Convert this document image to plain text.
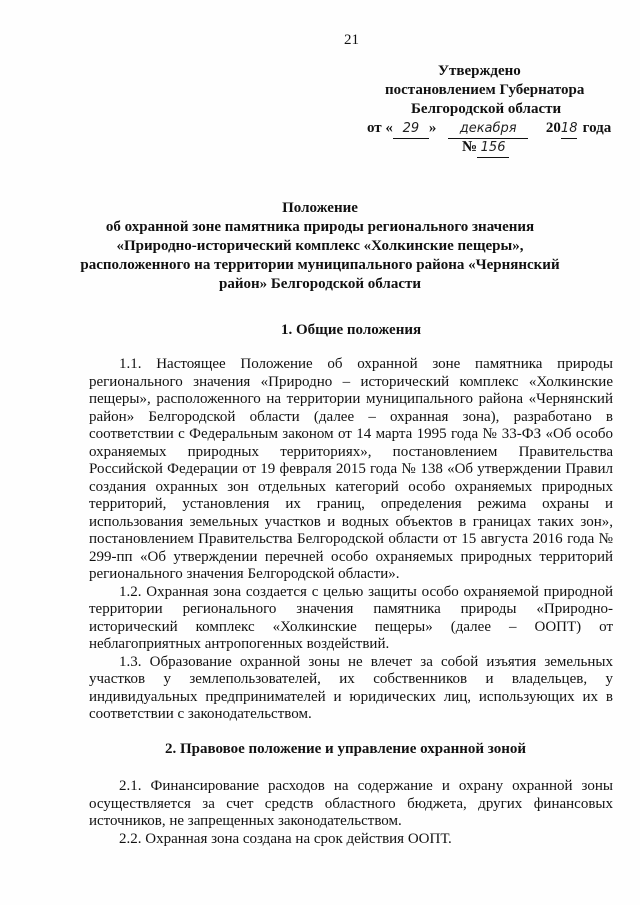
21
Утверждено
постановлением Губернатора
Белгородской области
от « 29 » декабря 2018 года
№ 156
Положение
об охранной зоне памятника природы регионального значения
«Природно-исторический комплекс «Холкинские пещеры»,
расположенного на территории муниципального района «Чернянский
район» Белгородской области
1. Общие положения

1.1. Настоящее Положение об охранной зоне памятника природы регионального значения «Природно – исторический комплекс «Холкинские пещеры», расположенного на территории муниципального района «Чернянский район» Белгородской области (далее – охранная зона), разработано в соответствии с Федеральным законом от 14 марта 1995 года № 33-ФЗ «Об особо охраняемых природных территориях», постановлением Правительства Российской Федерации от 19 февраля 2015 года № 138 «Об утверждении Правил создания охранных зон отдельных категорий особо охраняемых природных территорий, установления их границ, определения режима охраны и использования земельных участков и водных объектов в границах таких зон», постановлением Правительства Белгородской области от 15 августа 2016 года № 299-пп «Об утверждении перечней особо охраняемых природных территорий регионального значения Белгородской области».

1.2. Охранная зона создается с целью защиты особо охраняемой природной территории регионального значения памятника природы «Природно-исторический комплекс «Холкинские пещеры» (далее – ООПТ) от неблагоприятных антропогенных воздействий.

1.3. Образование охранной зоны не влечет за собой изъятия земельных участков у землепользователей, их собственников и владельцев, у индивидуальных предпринимателей и юридических лиц, использующих их в соответствии с законодательством.

2. Правовое положение и управление охранной зоной

2.1. Финансирование расходов на содержание и охрану охранной зоны осуществляется за счет средств областного бюджета, других финансовых источников, не запрещенных законодательством.

2.2. Охранная зона создана на срок действия ООПТ.
